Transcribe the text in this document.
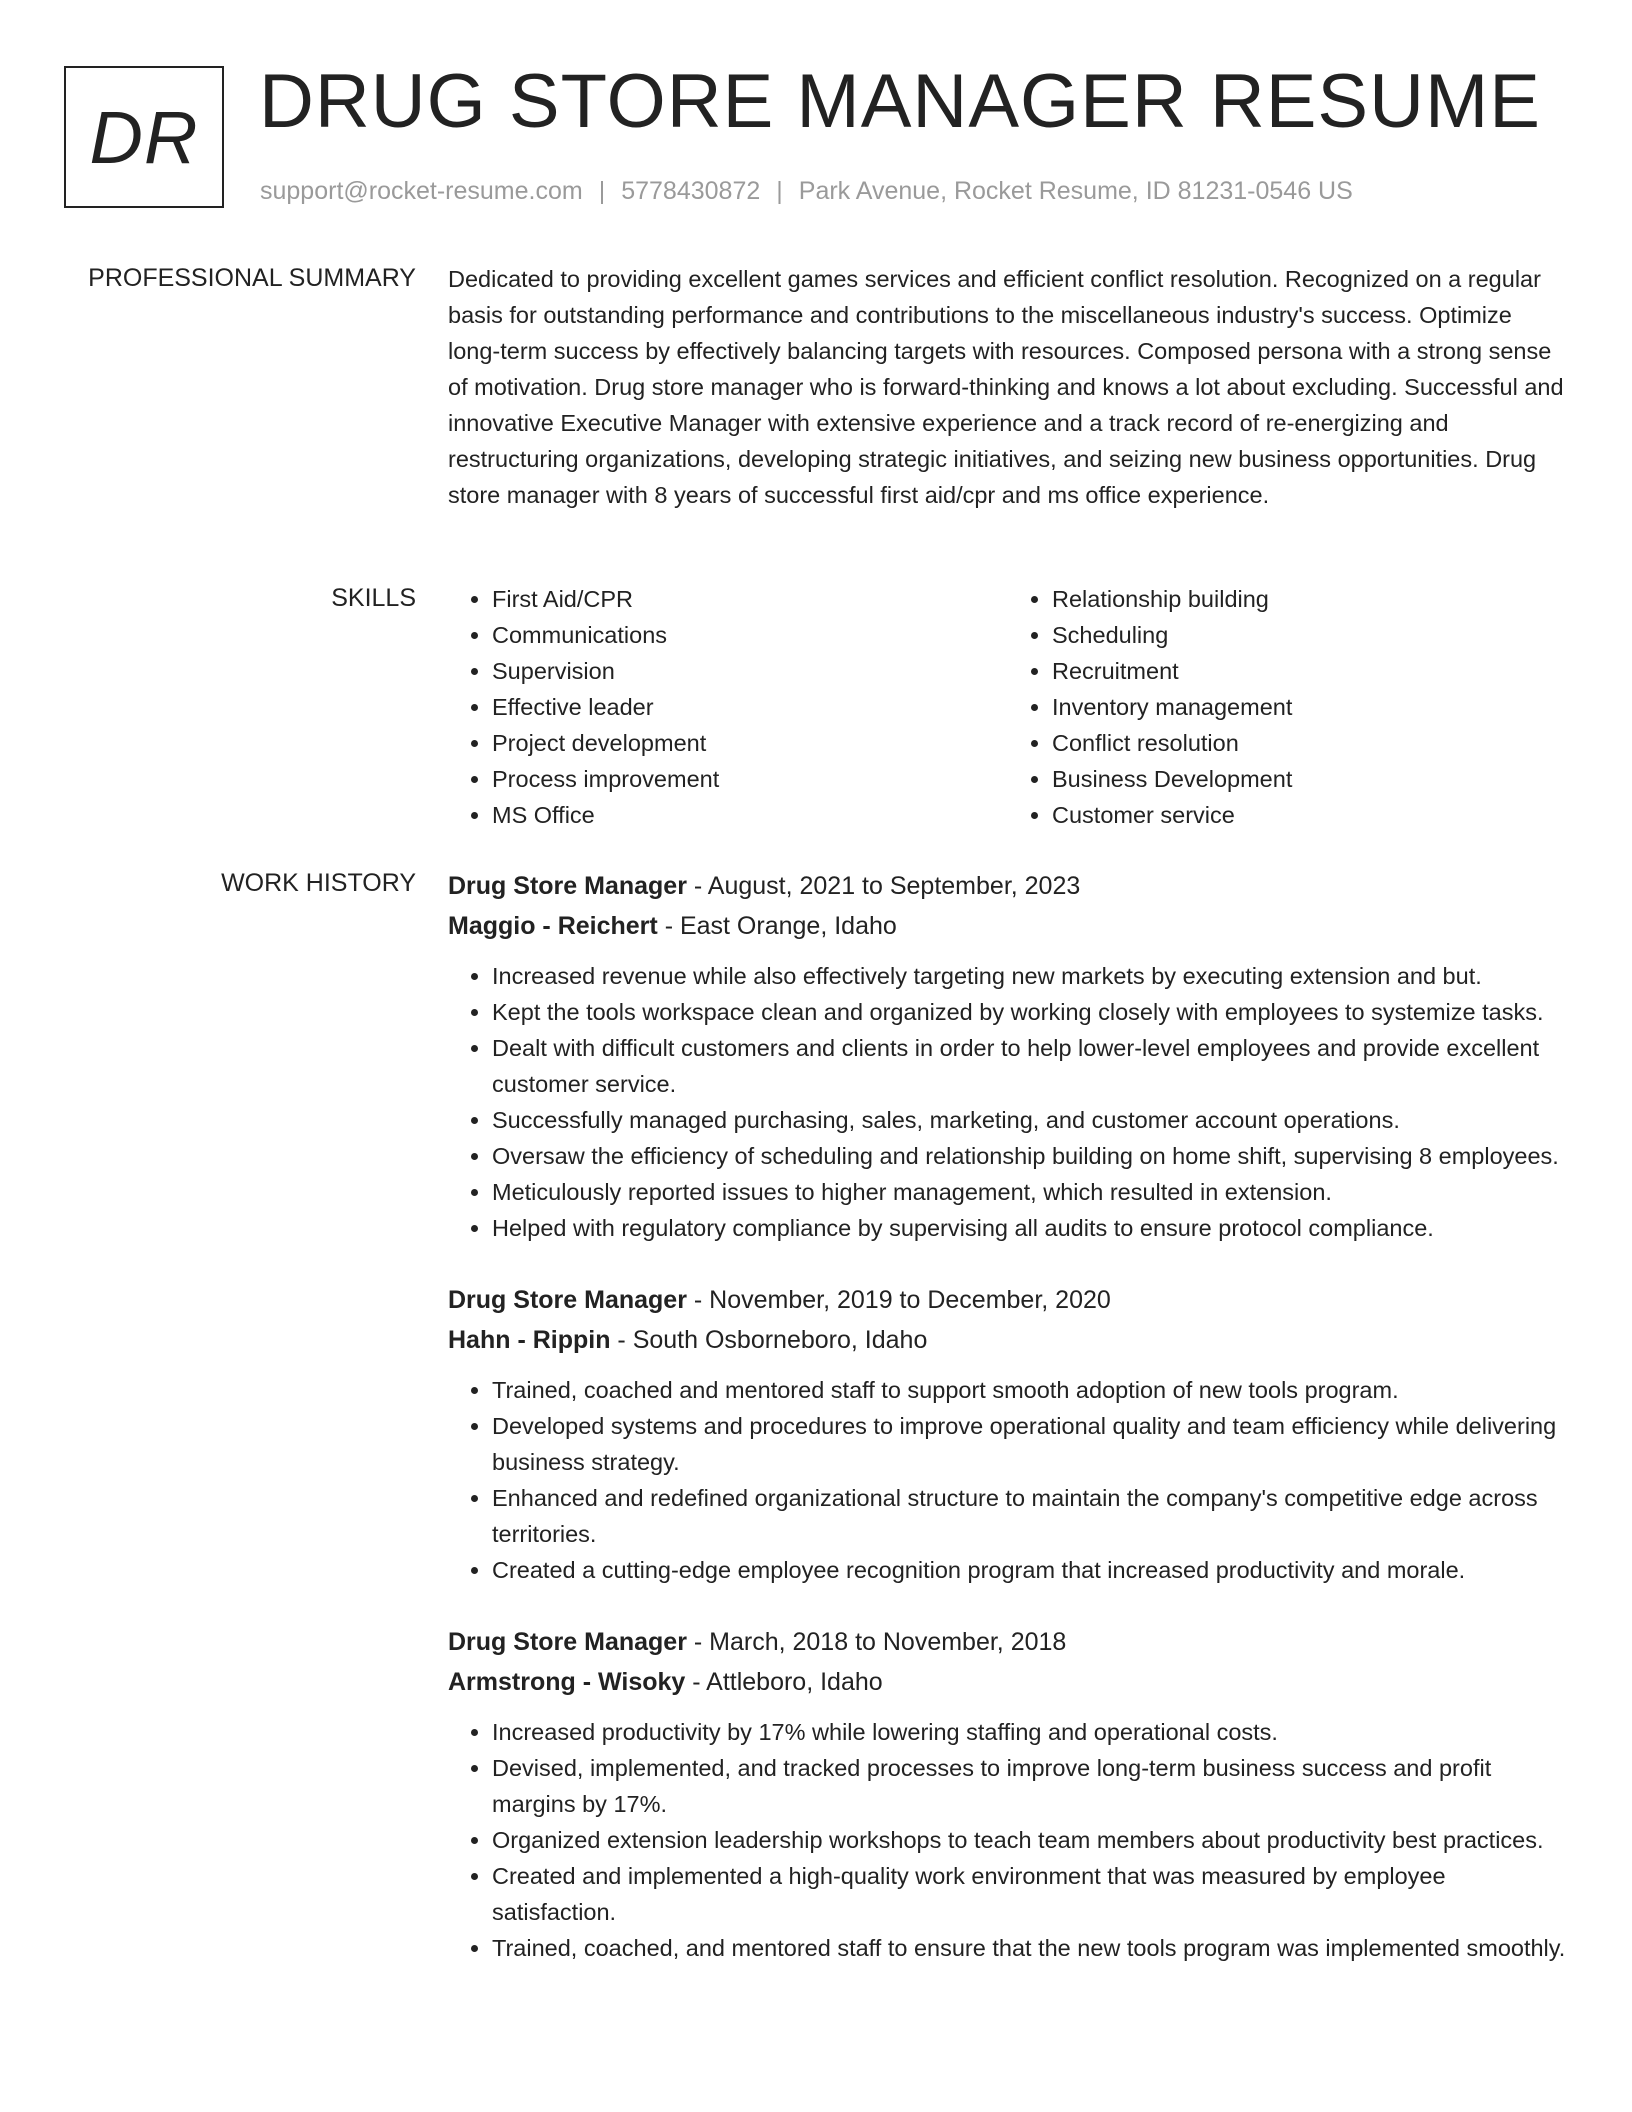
DR DRUG STORE MANAGER RESUME
support@rocket-resume.com | 5778430872 | Park Avenue, Rocket Resume, ID 81231-0546 US
PROFESSIONAL SUMMARY Dedicated to providing excellent games services and efficient conflict resolution. Recognized on a regular basis for outstanding performance and contributions to the miscellaneous industry's success. Optimize long-term success by effectively balancing targets with resources. Composed persona with a strong sense of motivation. Drug store manager who is forward-thinking and knows a lot about excluding. Successful and innovative Executive Manager with extensive experience and a track record of re-energizing and restructuring organizations, developing strategic initiatives, and seizing new business opportunities. Drug store manager with 8 years of successful first aid/cpr and ms office experience.

SKILLS
•	First Aid/CPR
• Communications
• Supervision
• Effective leader
• Project development
• Process improvement
• MS Office
• Relationship building
• Scheduling
• Recruitment
• Inventory management
• Conflict resolution
• Business Development
• Customer service
WORK HISTORY Drug Store Manager - August, 2021 to September, 2023
Maggio - Reichert - East Orange, Idaho
• Increased revenue while also effectively targeting new markets by executing extension and but.
• Kept the tools workspace clean and organized by working closely with employees to systemize tasks.
• Dealt with difficult customers and clients in order to help lower-level employees and provide excellent customer service.
• Successfully managed purchasing, sales, marketing, and customer account operations.
• Oversaw the efficiency of scheduling and relationship building on home shift, supervising 8 employees.
• Meticulously reported issues to higher management, which resulted in extension.
• Helped with regulatory compliance by supervising all audits to ensure protocol compliance.
Drug Store Manager - November, 2019 to December, 2020
Hahn - Rippin - South Osborneboro, Idaho
• Trained, coached and mentored staff to support smooth adoption of new tools program.
• Developed systems and procedures to improve operational quality and team efficiency while delivering business strategy.
• Enhanced and redefined organizational structure to maintain the company's competitive edge across territories.
• Created a cutting-edge employee recognition program that increased productivity and morale.
Drug Store Manager - March, 2018 to November, 2018
Armstrong - Wisoky - Attleboro, Idaho
• Increased productivity by 17% while lowering staffing and operational costs.
• Devised, implemented, and tracked processes to improve long-term business success and profit margins by 17%.
• Organized extension leadership workshops to teach team members about productivity best practices.
• Created and implemented a high-quality work environment that was measured by employee satisfaction.
• Trained, coached, and mentored staff to ensure that the new tools program was implemented smoothly.
